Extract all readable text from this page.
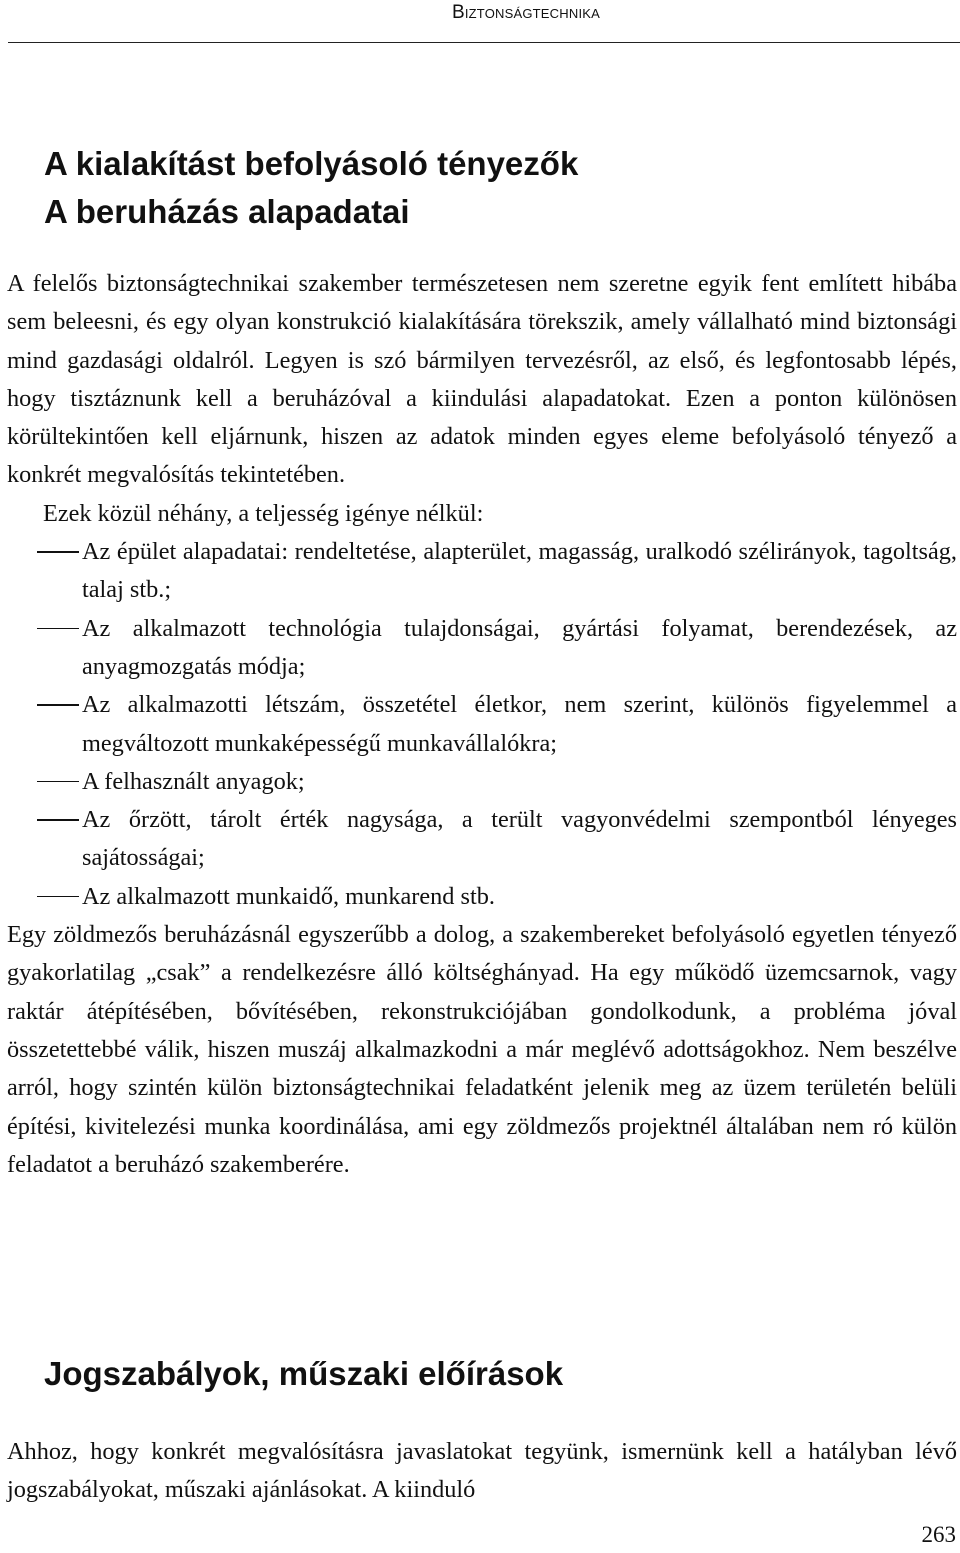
Biztonságtechnika
A kialakítást befolyásoló tényezők
A beruházás alapadatai

A felelős biztonságtechnikai szakember természetesen nem szeretne egyik fent említett hibába sem beleesni, és egy olyan konstrukció kialakítására törekszik, amely vállalható mind biztonsági mind gazdasági oldalról. Legyen is szó bármilyen tervezésről, az első, és legfontosabb lépés, hogy tisztáznunk kell a beruházóval a kiindulási alapadatokat. Ezen a ponton különösen körültekintően kell eljárnunk, hiszen az adatok minden egyes eleme befolyásoló tényező a konkrét megvalósítás tekintetében.

Ezek közül néhány, a teljesség igénye nélkül:

Az épület alapadatai: rendeltetése, alapterület, magasság, uralkodó szélirányok, tagoltság, talaj stb.;
Az alkalmazott technológia tulajdonságai, gyártási folyamat, berendezések, az anyagmozgatás módja;
Az alkalmazotti létszám, összetétel életkor, nem szerint, különös figyelemmel a megváltozott munkaképességű munkavállalókra;
A felhasznált anyagok;
Az őrzött, tárolt érték nagysága, a terült vagyonvédelmi szempontból lényeges sajátosságai;
Az alkalmazott munkaidő, munkarend stb.

Egy zöldmezős beruházásnál egyszerűbb a dolog, a szakembereket befolyásoló egyetlen tényező gyakorlatilag „csak” a rendelkezésre álló költséghányad. Ha egy működő üzemcsarnok, vagy raktár átépítésében, bővítésében, rekonstrukciójában gondolkodunk, a probléma jóval összetettebbé válik, hiszen muszáj alkalmazkodni a már meglévő adottságokhoz. Nem beszélve arról, hogy szintén külön biztonságtechnikai feladatként jelenik meg az üzem területén belüli építési, kivitelezési munka koordinálása, ami egy zöldmezős projektnél általában nem ró külön feladatot a beruházó szakemberére.

Jogszabályok, műszaki előírások

Ahhoz, hogy konkrét megvalósításra javaslatokat tegyünk, ismernünk kell a hatályban lévő jogszabályokat, műszaki ajánlásokat. A kiinduló

263
